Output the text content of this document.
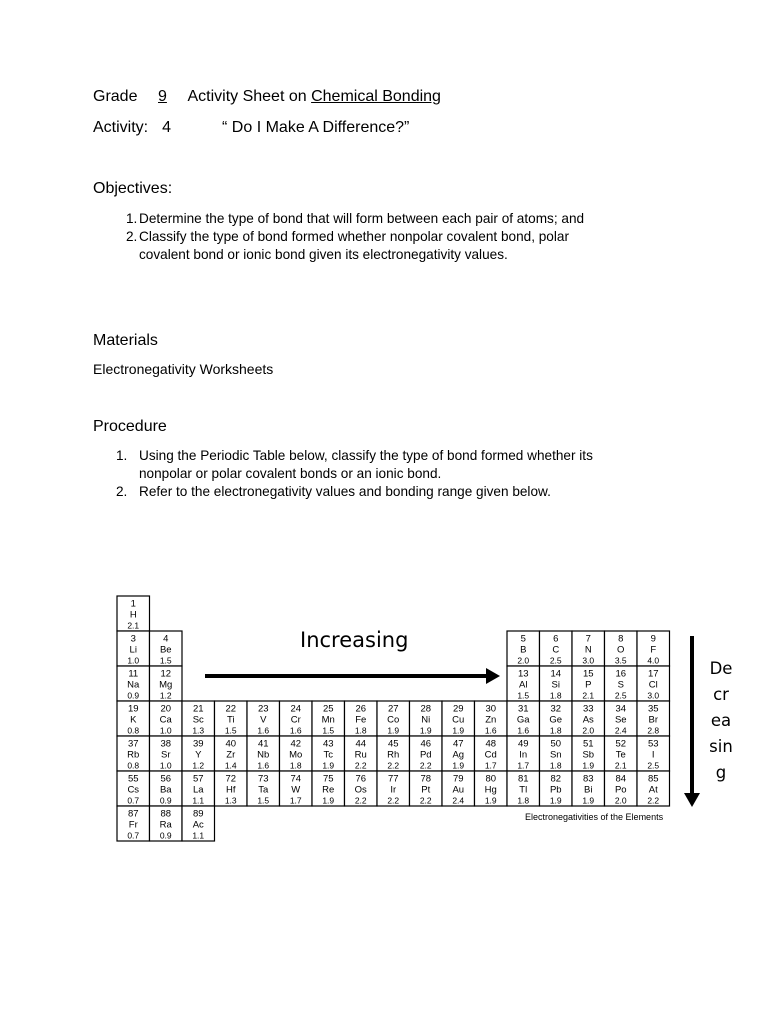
Grade 9 Activity Sheet on Chemical Bonding
Activity: 4	“ Do I Make A Difference?”
Objectives:
1. Determine the type of bond that will form between each pair of atoms; and
2. Classify the type of bond formed whether nonpolar covalent bond, polar
covalent bond or ionic bond given its electronegativity values.
Materials
Electronegativity Worksheets
Procedure
1. Using the Periodic Table below, classify the type of bond formed whether its
nonpolar or polar covalent bonds or an ionic bond.
2. Refer to the electronegativity values and bonding range given below.
1
H
2.1
3
Li
1.0
4
Be
1.5
5
B
2.0
6
C
2.5
7
N
3.0
8
O
3.5
9
F
4.0
11
Na
0.9
12
Mg
1.2
13
Al
1.5
14
Si
1.8
15
P
2.1
16
S
2.5
17
Cl
3.0
19
K
0.8
20
Ca
1.0
21
Sc
1.3
22
Ti
1.5
23
V
1.6
24
Cr
1.6
25
Mn
1.5
26
Fe
1.8
27
Co
1.9
28
Ni
1.9
29
Cu
1.9
30
Zn
1.6
31
Ga
1.6
32
Ge
1.8
33
As
2.0
34
Se
2.4
35
Br
2.8
37
Rb
0.8
38
Sr
1.0
39
Y
1.2
40
Zr
1.4
41
Nb
1.6
42
Mo
1.8
43
Tc
1.9
44
Ru
2.2
45
Rh
2.2
46
Pd
2.2
47
Ag
1.9
48
Cd
1.7
49
In
1.7
50
Sn
1.8
51
Sb
1.9
52
Te
2.1
53
I
2.5
55
Cs
0.7
56
Ba
0.9
57
La
1.1
72
Hf
1.3
73
Ta
1.5
74
W
1.7
75
Re
1.9
76
Os
2.2
77
Ir
2.2
78
Pt
2.2
79
Au
2.4
80
Hg
1.9
81
Tl
1.8
82
Pb
1.9
83
Bi
1.9
84
Po
2.0
85
At
2.2
87
Fr
0.7
88
Ra
0.9
89
Ac
1.1
Increasing
De
cr
ea
sin
g
Electronegativities of the Elements
